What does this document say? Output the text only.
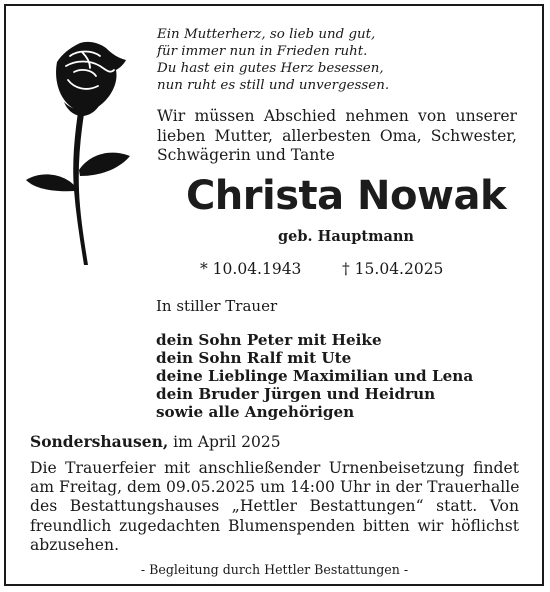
Ein Mutterherz, so lieb und gut,
für immer nun in Frieden ruht.
Du hast ein gutes Herz besessen,
nun ruht es still und unvergessen.
Wir müssen Abschied nehmen von unserer
lieben Mutter, allerbesten Oma, Schwester,
Schwägerin und Tante
Christa Nowak
geb. Hauptmann
* 10.04.1943	† 15.04.2025
In stiller Trauer
dein Sohn Peter mit Heike
dein Sohn Ralf mit Ute
deine Lieblinge Maximilian und Lena
dein Bruder Jürgen und Heidrun
sowie alle Angehörigen
Sondershausen, im April 2025
Die Trauerfeier mit anschließender Urnenbeisetzung findet
am Freitag, dem 09.05.2025 um 14:00 Uhr in der Trauerhalle
des Bestattungshauses „Hettler Bestattungen“ statt. Von
freundlich zugedachten Blumenspenden bitten wir höflichst
abzusehen.
- Begleitung durch Hettler Bestattungen -
